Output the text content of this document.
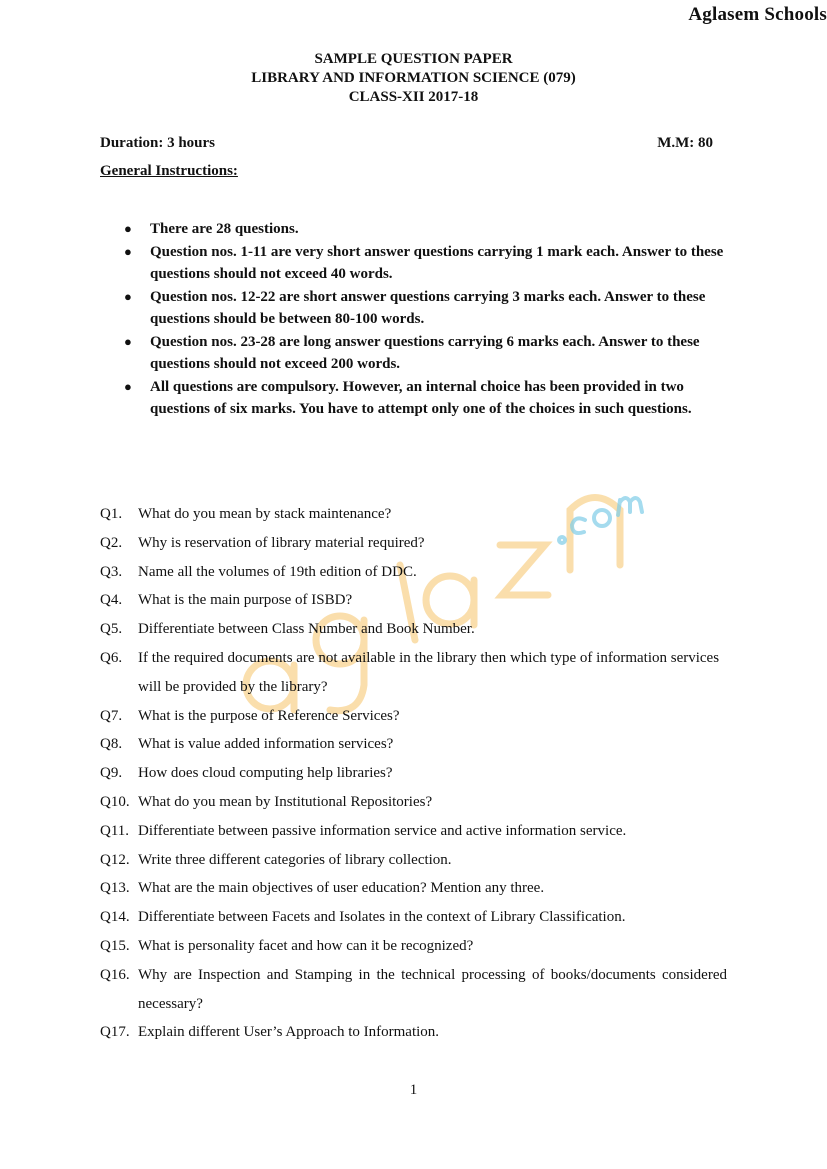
Aglasem Schools
SAMPLE QUESTION PAPER
LIBRARY AND INFORMATION SCIENCE (079)
CLASS-XII 2017-18
Duration: 3 hours	M.M: 80
General Instructions:
● There are 28 questions.
● Question nos. 1-11 are very short answer questions carrying 1 mark each. Answer to these questions should not exceed 40 words.
● Question nos. 12-22 are short answer questions carrying 3 marks each. Answer to these questions should be between 80-100 words.
● Question nos. 23-28 are long answer questions carrying 6 marks each. Answer to these questions should not exceed 200 words.
● All questions are compulsory. However, an internal choice has been provided in two questions of six marks. You have to attempt only one of the choices in such questions.
Q1. What do you mean by stack maintenance?
Q2. Why is reservation of library material required?
Q3. Name all the volumes of 19th edition of DDC.
Q4. What is the main purpose of ISBD?
Q5. Differentiate between Class Number and Book Number.
Q6. If the required documents are not available in the library then which type of information services will be provided by the library?
Q7. What is the purpose of Reference Services?
Q8. What is value added information services?
Q9. How does cloud computing help libraries?
Q10. What do you mean by Institutional Repositories?
Q11. Differentiate between passive information service and active information service.
Q12. Write three different categories of library collection.
Q13. What are the main objectives of user education? Mention any three.
Q14. Differentiate between Facets and Isolates in the context of Library Classification.
Q15. What is personality facet and how can it be recognized?
Q16. Why are Inspection and Stamping in the technical processing of books/documents considered necessary?
Q17. Explain different User’s Approach to Information.
1
